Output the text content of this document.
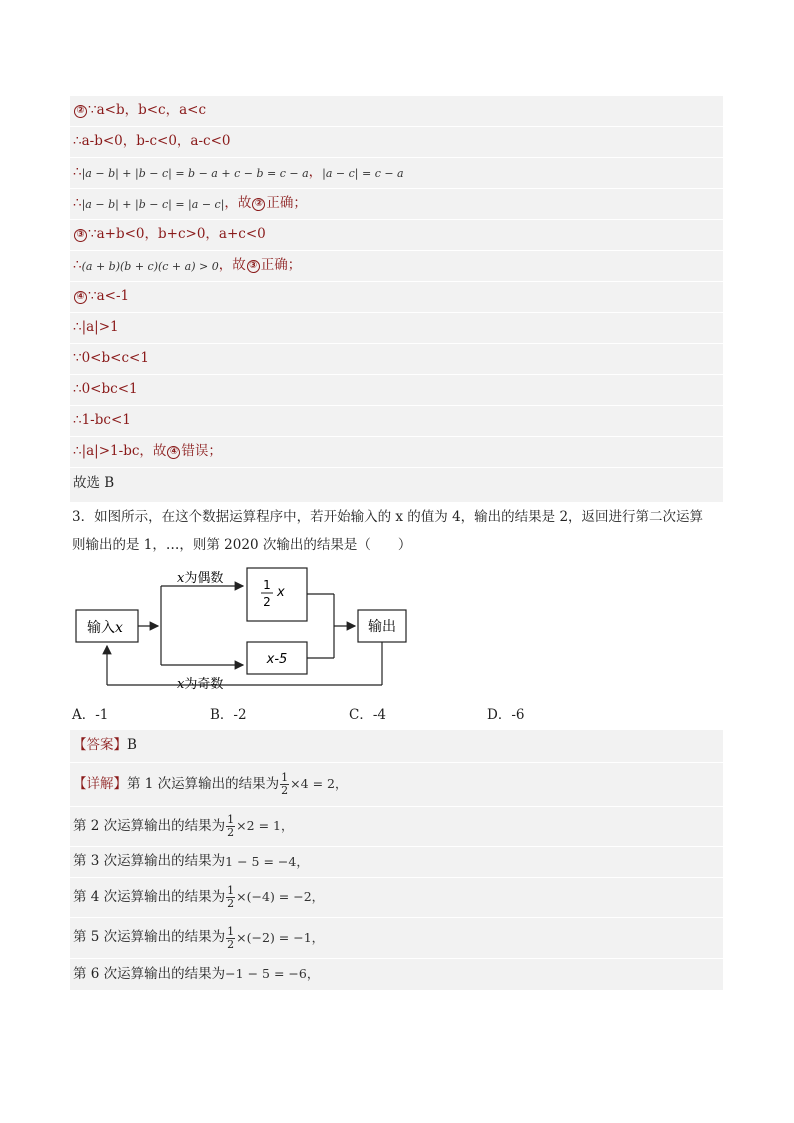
② ∵a<b，b<c，a<c
∴a-b<0，b-c<0，a-c<0
∴ |a − b| + |b − c| = b − a + c − b = c − a ， |a − c| = c − a
∴ |a − b| + |b − c| = |a − c| ，故 ② 正确；
③ ∵a+b<0，b+c>0，a+c<0
∴ (a + b)(b + c)(c + a) > 0 ，故 ③ 正确；
④ ∵a<-1
∴|a|>1
∵0<b<c<1
∴0<bc<1
∴1-bc<1
∴|a|>1-bc，故 ④ 错误；
故选 B
3．如图所示，在这个数据运算程序中，若开始输入的 x 的值为 4，输出的结果是 2，返回进行第二次运算
则输出的是 1，…，则第 2020 次输出的结果是（　　）
输入x
x为偶数
x为奇数
1
2
x
x-5
输出
A．-1	B．-2	C．-4	D．-6
【答案】 B
【详解】 第 1 次运算输出的结果为 $\frac{1}{2} \times 4 = 2$，
第 2 次运算输出的结果为 $\frac{1}{2} \times 2 = 1$，
第 3 次运算输出的结果为 1 − 5 = −4，
第 4 次运算输出的结果为 $\frac{1}{2} \times(-4) = -2$，
第 5 次运算输出的结果为 $\frac{1}{2} \times(-2) = -1$，
第 6 次运算输出的结果为 −1 − 5 = −6，
